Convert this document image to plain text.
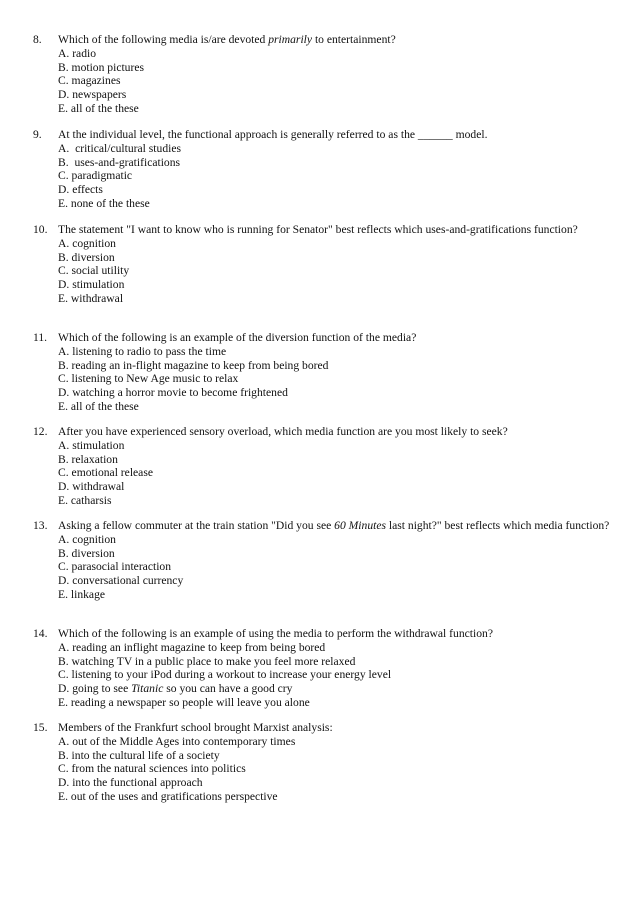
8. Which of the following media is/are devoted primarily to entertainment?
A. radio
B. motion pictures
C. magazines
D. newspapers
E. all of the these
9. At the individual level, the functional approach is generally referred to as the ______ model.
A. critical/cultural studies
B. uses-and-gratifications
C. paradigmatic
D. effects
E. none of the these
10. The statement "I want to know who is running for Senator" best reflects which uses-and-gratifications function?
A. cognition
B. diversion
C. social utility
D. stimulation
E. withdrawal
11. Which of the following is an example of the diversion function of the media?
A. listening to radio to pass the time
B. reading an in-flight magazine to keep from being bored
C. listening to New Age music to relax
D. watching a horror movie to become frightened
E. all of the these
12. After you have experienced sensory overload, which media function are you most likely to seek?
A. stimulation
B. relaxation
C. emotional release
D. withdrawal
E. catharsis
13. Asking a fellow commuter at the train station "Did you see 60 Minutes last night?" best reflects which media function?
A. cognition
B. diversion
C. parasocial interaction
D. conversational currency
E. linkage
14. Which of the following is an example of using the media to perform the withdrawal function?
A. reading an inflight magazine to keep from being bored
B. watching TV in a public place to make you feel more relaxed
C. listening to your iPod during a workout to increase your energy level
D. going to see Titanic so you can have a good cry
E. reading a newspaper so people will leave you alone
15. Members of the Frankfurt school brought Marxist analysis:
A. out of the Middle Ages into contemporary times
B. into the cultural life of a society
C. from the natural sciences into politics
D. into the functional approach
E. out of the uses and gratifications perspective
